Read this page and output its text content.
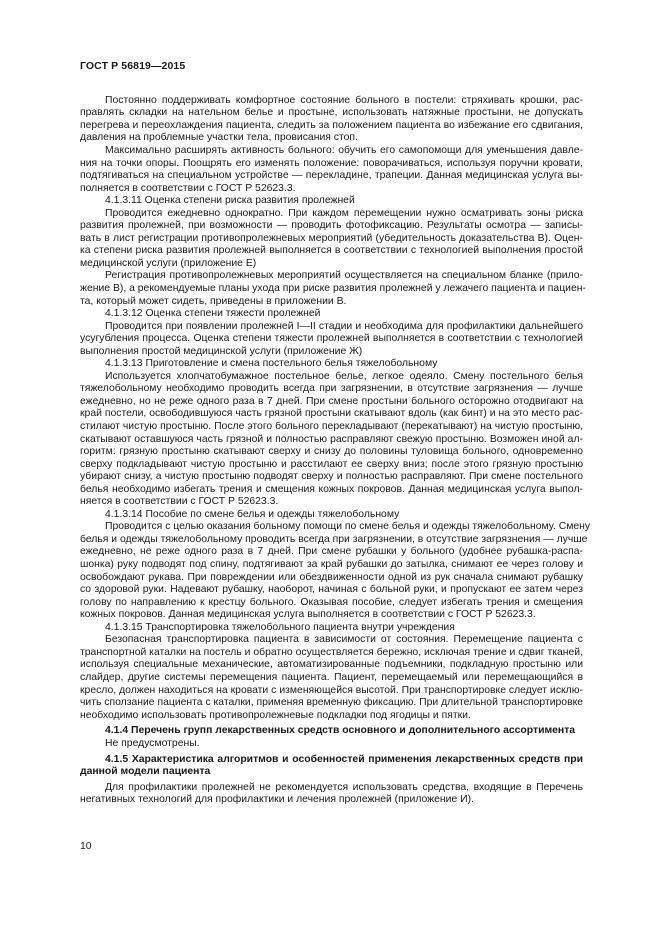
ГОСТ Р 56819—2015
Постоянно поддерживать комфортное состояние больного в постели: стряхивать крошки, рас-
правлять складки на нательном белье и простыне, использовать натяжные простыни, не допускать
перегрева и переохлаждения пациента, следить за положением пациента во избежание его сдвигания,
давления на проблемные участки тела, провисания стоп.
Максимально расширять активность больного: обучить его самопомощи для уменьшения давле-
ния на точки опоры. Поощрять его изменять положение: поворачиваться, используя поручни кровати,
подтягиваться на специальном устройстве — перекладине, трапеции. Данная медицинская услуга вы-
полняется в соответствии с ГОСТ Р 52623.3.
4.1.3.11 Оценка степени риска развития пролежней
Проводится ежедневно однократно. При каждом перемещении нужно осматривать зоны риска
развития пролежней, при возможности — проводить фотофиксацию. Результаты осмотра — записы-
вать в лист регистрации противопролежневых мероприятий (убедительность доказательства В). Оцен-
ка степени риска развития пролежней выполняется в соответствии с технологией выполнения простой
медицинской услуги (приложение Е)
Регистрация противопролежневых мероприятий осуществляется на специальном бланке (прило-
жение В), а рекомендуемые планы ухода при риске развития пролежней у лежачего пациента и пациен-
та, который может сидеть, приведены в приложении В.
4.1.3.12 Оценка степени тяжести пролежней
Проводится при появлении пролежней I—II стадии и необходима для профилактики дальнейшего
усугубления процесса. Оценка степени тяжести пролежней выполняется в соответствии с технологией
выполнения простой медицинской услуги (приложение Ж)
4.1.3.13 Приготовление и смена постельного белья тяжелобольному
Используется хлопчатобумажное постельное белье, легкое одеяло. Смену постельного белья
тяжелобольному необходимо проводить всегда при загрязнении, в отсутствие загрязнения — лучше
ежедневно, но не реже одного раза в 7 дней. При смене простыни больного осторожно отодвигают на
край постели, освободившуюся часть грязной простыни скатывают вдоль (как бинт) и на это место рас-
стилают чистую простыню. После этого больного перекладывают (перекатывают) на чистую простыню,
скатывают оставшуюся часть грязной и полностью расправляют свежую простыню. Возможен иной ал-
горитм: грязную простыню скатывают сверху и снизу до половины туловища больного, одновременно
сверху подкладывают чистую простыню и расстилают ее сверху вниз; после этого грязную простыню
убирают снизу, а чистую простыню подводят сверху и полностью расправляют. При смене постельного
белья необходимо избегать трения и смещения кожных покровов. Данная медицинская услуга выпол-
няется в соответствии с ГОСТ Р 52623.3.
4.1.3.14 Пособие по смене белья и одежды тяжелобольному
Проводится с целью оказания больному помощи по смене белья и одежды тяжелобольному. Смену
белья и одежды тяжелобольному проводить всегда при загрязнении, в отсутствие загрязнения — лучше
ежедневно, не реже одного раза в 7 дней. При смене рубашки у больного (удобнее рубашка-распа-
шонка) руку подводят под спину, подтягивают за край рубашки до затылка, снимают ее через голову и
освобождают рукава. При повреждении или обездвиженности одной из рук сначала снимают рубашку
со здоровой руки. Надевают рубашку, наоборот, начиная с больной руки, и пропускают ее затем через
голову по направлению к крестцу больного. Оказывая пособие, следует избегать трения и смещения
кожных покровов. Данная медицинская услуга выполняется в соответствии с ГОСТ Р 52623.3.
4.1.3.15 Транспортировка тяжелобольного пациента внутри учреждения
Безопасная транспортировка пациента в зависимости от состояния. Перемещение пациента с
транспортной каталки на постель и обратно осуществляется бережно, исключая трение и сдвиг тканей,
используя специальные механические, автоматизированные подъемники, подкладную простыню или
слайдер, другие системы перемещения пациента. Пациент, перемещаемый или перемещающийся в
кресло, должен находиться на кровати с изменяющейся высотой. При транспортировке следует исклю-
чить сползание пациента с каталки, применяя временную фиксацию. При длительной транспортировке
необходимо использовать противопролежневые подкладки под ягодицы и пятки.
4.1.4 Перечень групп лекарственных средств основного и дополнительного ассортимента
Не предусмотрены.
4.1.5 Характеристика алгоритмов и особенностей применения лекарственных средств при
данной модели пациента
Для профилактики пролежней не рекомендуется использовать средства, входящие в Перечень
негативных технологий для профилактики и лечения пролежней (приложение И).
10
